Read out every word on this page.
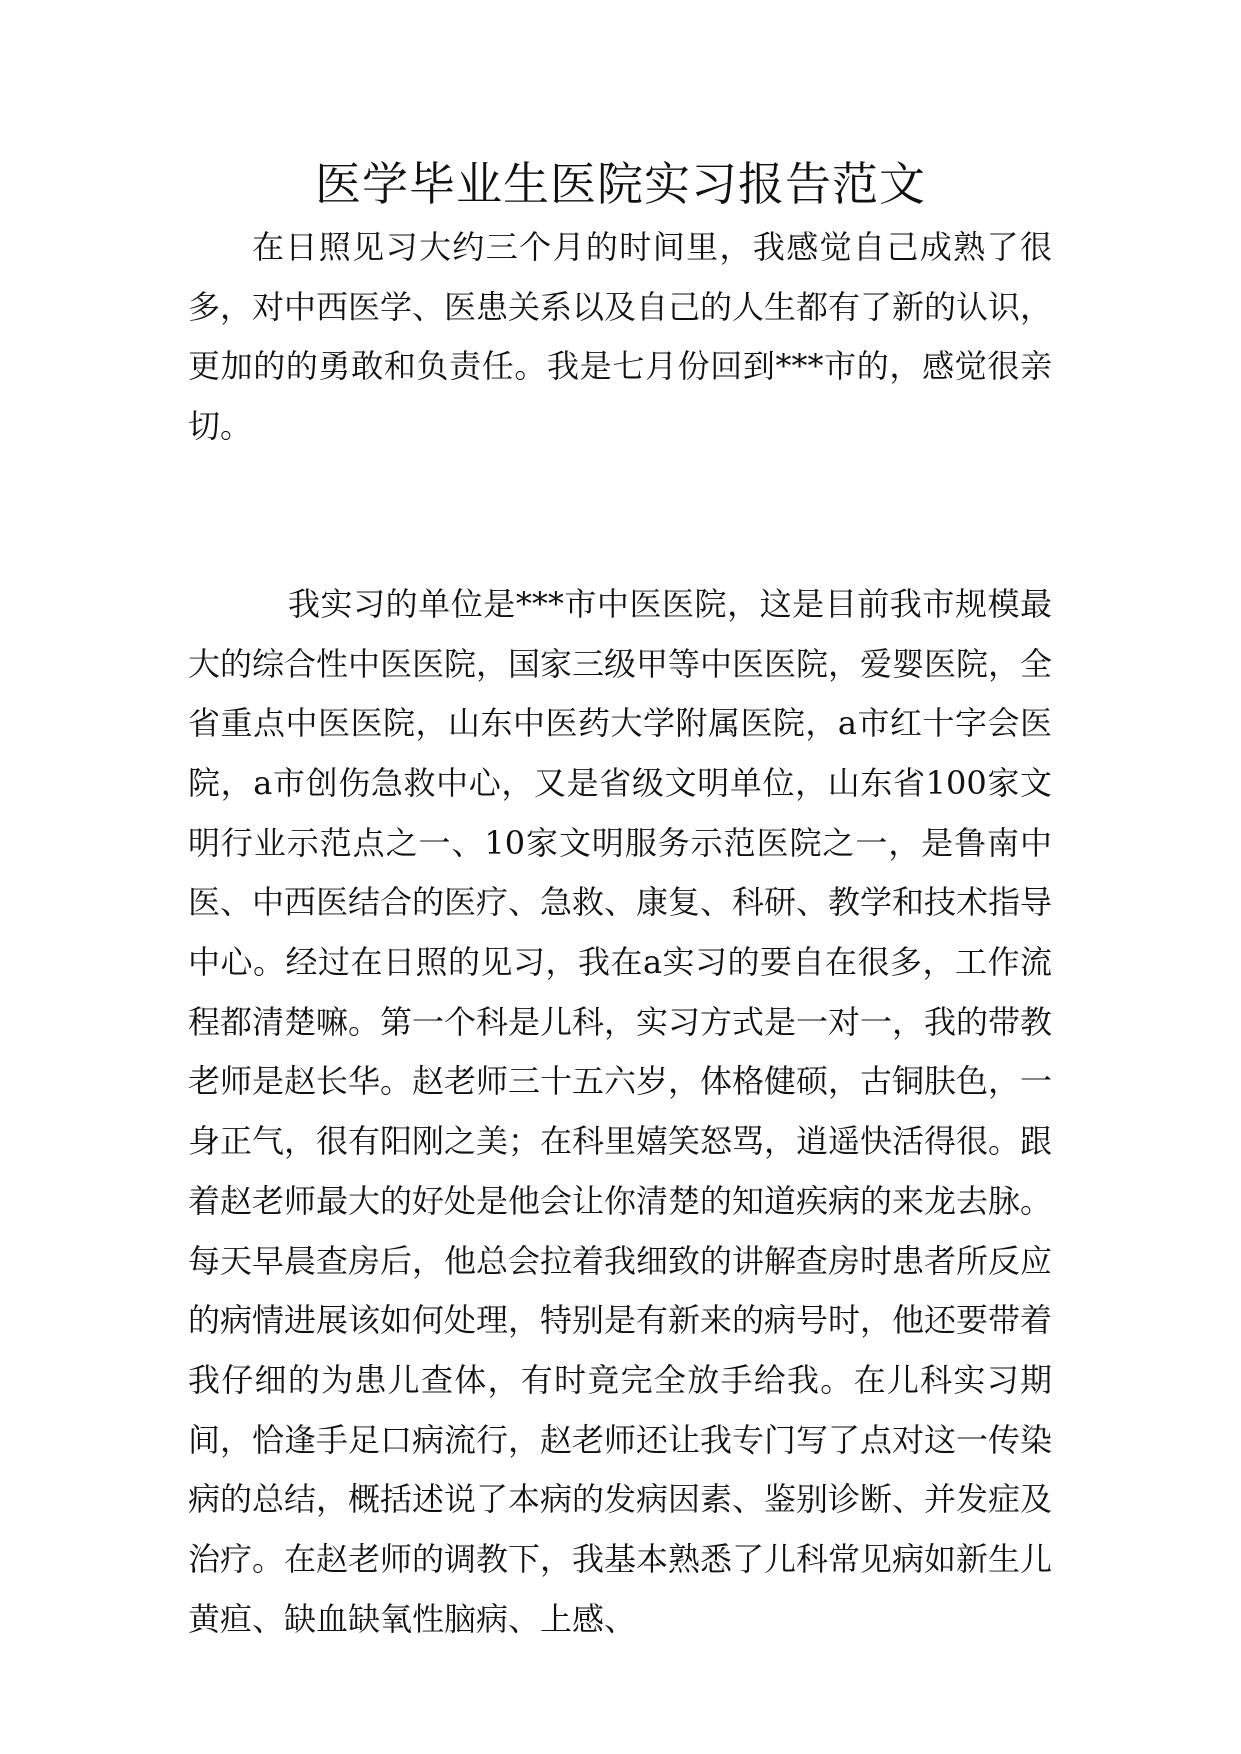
医学毕业生医院实习报告范文

在日照见习大约三个月的时间里，我感觉自己成熟了很多，对中西医学、医患关系以及自己的人生都有了新的认识，更加的的勇敢和负责任。我是七月份回到***市的，感觉很亲切。

我实习的单位是***市中医医院，这是目前我市规模最大的综合性中医医院，国家三级甲等中医医院，爱婴医院，全省重点中医医院，山东中医药大学附属医院，a市红十字会医院，a市创伤急救中心，又是省级文明单位，山东省100家文明行业示范点之一、10家文明服务示范医院之一，是鲁南中医、中西医结合的医疗、急救、康复、科研、教学和技术指导中心。经过在日照的见习，我在a实习的要自在很多，工作流程都清楚嘛。第一个科是儿科，实习方式是一对一，我的带教老师是赵长华。赵老师三十五六岁，体格健硕，古铜肤色，一身正气，很有阳刚之美；在科里嬉笑怒骂，逍遥快活得很。跟着赵老师最大的好处是他会让你清楚的知道疾病的来龙去脉。每天早晨查房后，他总会拉着我细致的讲解查房时患者所反应的病情进展该如何处理，特别是有新来的病号时，他还要带着我仔细的为患儿查体，有时竟完全放手给我。在儿科实习期间，恰逢手足口病流行，赵老师还让我专门写了点对这一传染病的总结，概括述说了本病的发病因素、鉴别诊断、并发症及治疗。在赵老师的调教下，我基本熟悉了儿科常见病如新生儿黄疸、缺血缺氧性脑病、上感、
